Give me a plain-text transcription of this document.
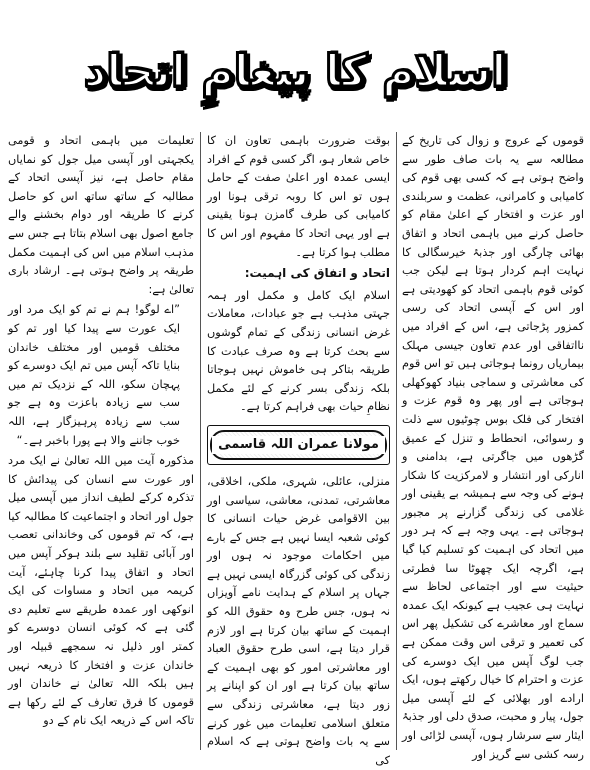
اسلام کا پیغامِ اتحاد

قوموں کے عروج و زوال کی تاریخ کے مطالعہ سے یہ بات صاف طور سے واضح ہوتی ہے کہ کسی بھی قوم کی کامیابی و کامرانی، عظمت و سربلندی اور عزت و افتخار کے اعلیٰ مقام کو حاصل کرنے میں باہمی اتحاد و اتفاق بھائی چارگی اور جذبۂ خیرسگالی کا نہایت اہم کردار ہوتا ہے لیکن جب کوئی قوم باہمی اتحاد کو کھودیتی ہے اور اس کے آپسی اتحاد کی رسی کمزور پڑجاتی ہے، اس کے افراد میں نااتفاقی اور عدم تعاون جیسی مہلک بیماریاں رونما ہوجاتی ہیں تو اس قوم کی معاشرتی و سماجی بنیاد کھوکھلی ہوجاتی ہے اور پھر وہ قوم عزت و افتخار کی فلک بوس چوٹیوں سے ذلت و رسوائی، انحطاط و تنزل کے عمیق گڑھوں میں جاگرتی ہے، بدامنی و انارکی اور انتشار و لامرکزیت کا شکار ہونے کی وجہ سے ہمیشہ بے یقینی اور غلامی کی زندگی گزارنے پر مجبور ہوجاتی ہے۔ یہی وجہ ہے کہ ہر دور میں اتحاد کی اہمیت کو تسلیم کیا گیا ہے، اگرچہ ایک چھوٹا سا فطرتی حیثیت سے اور اجتماعی لحاظ سے نہایت ہی عجیب ہے کیونکہ ایک عمدہ سماج اور معاشرے کی تشکیل پھر اس کی تعمیر و ترقی اس وقت ممکن ہے جب لوگ آپس میں ایک دوسرے کی عزت و احترام کا خیال رکھتے ہوں، ایک ارادے اور بھلائی کے لئے آپسی میل جول، پیار و محبت، صدق دلی اور جذبۂ ایثار سے سرشار ہوں، آپسی لڑائی اور رسہ کشی سے گریز اور

بوقت ضرورت باہمی تعاون ان کا خاص شعار ہو، اگر کسی قوم کے افراد ایسی عمدہ اور اعلیٰ صفت کے حامل ہوں تو اس کا روبہ ترقی ہونا اور کامیابی کی طرف گامزن ہونا یقینی ہے اور یہی اتحاد کا مفہوم اور اس کا مطلب ہوا کرتا ہے۔

اتحاد و اتفاق کی اہمیت:

اسلام ایک کامل و مکمل اور ہمہ جہتی مذہب ہے جو عبادات، معاملات غرض انسانی زندگی کے تمام گوشوں سے بحث کرتا ہے وہ صرف عبادت کا طریقہ بتاکر ہی خاموش نہیں ہوجاتا بلکہ زندگی بسر کرنے کے لئے مکمل نظامِ حیات بھی فراہم کرتا ہے۔

مولانا عمران اللہ قاسمی

منزلی، عائلی، شہری، ملکی، اخلاقی، معاشرتی، تمدنی، معاشی، سیاسی اور بین الاقوامی غرض حیات انسانی کا کوئی شعبہ ایسا نہیں ہے جس کے بارے میں احکامات موجود نہ ہوں اور زندگی کی کوئی گزرگاہ ایسی نہیں ہے جہاں پر اسلام کے ہدایت نامے آویزاں نہ ہوں، جس طرح وہ حقوق اللہ کو اہمیت کے ساتھ بیان کرتا ہے اور لازم قرار دیتا ہے، اسی طرح حقوق العباد اور معاشرتی امور کو بھی اہمیت کے ساتھ بیان کرتا ہے اور ان کو اپنانے پر زور دیتا ہے، معاشرتی زندگی سے متعلق اسلامی تعلیمات میں غور کرنے سے یہ بات واضح ہوتی ہے کہ اسلام کی

تعلیمات میں باہمی اتحاد و قومی یکجہتی اور آپسی میل جول کو نمایاں مقام حاصل ہے، نیز آپسی اتحاد کے مطالبہ کے ساتھ ساتھ اس کو حاصل کرنے کا طریقہ اور دوام بخشنے والے جامع اصول بھی اسلام بتاتا ہے جس سے مذہب اسلام میں اس کی اہمیت مکمل طریقہ پر واضح ہوتی ہے۔ ارشاد باری تعالیٰ ہے:

”اے لوگو! ہم نے تم کو ایک مرد اور ایک عورت سے پیدا کیا اور تم کو مختلف قومیں اور مختلف خاندان بنایا تاکہ آپس میں تم ایک دوسرے کو پہچان سکو، اللہ کے نزدیک تم میں سب سے زیادہ باعزت وہ ہے جو سب سے زیادہ پرہیزگار ہے، اللہ خوب جاننے والا ہے پورا باخبر ہے۔“

مذکورہ آیت میں اللہ تعالیٰ نے ایک مرد اور عورت سے انسان کی پیدائش کا تذکرہ کرکے لطیف انداز میں آپسی میل جول اور اتحاد و اجتماعیت کا مطالبہ کیا ہے، کہ تم قوموں کی وخاندانی تعصب اور آبائی تقلید سے بلند ہوکر آپس میں اتحاد و اتفاق پیدا کرنا چاہئے، آیت کریمہ میں اتحاد و مساوات کی ایک انوکھی اور عمدہ طریقے سے تعلیم دی گئی ہے کہ کوئی انسان دوسرے کو کمتر اور ذلیل نہ سمجھے قبیلہ اور خاندان عزت و افتخار کا ذریعہ نہیں ہیں بلکہ اللہ تعالیٰ نے خاندان اور قوموں کا فرق تعارف کے لئے رکھا ہے تاکہ اس کے ذریعہ ایک نام کے دو
